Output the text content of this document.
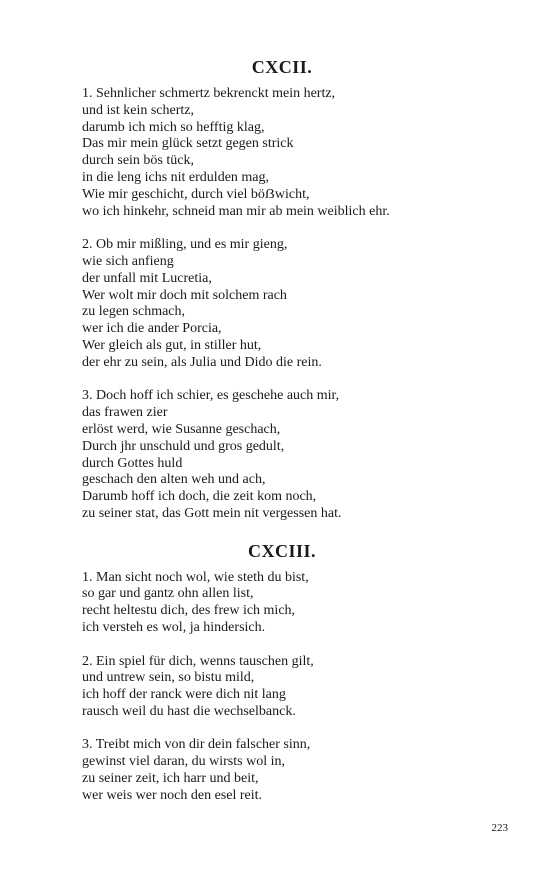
CXCII.
1. Sehnlicher schmertz bekrenckt mein hertz,
und ist kein schertz,
darumb ich mich so hefftig klag,
Das mir mein glück setzt gegen strick
durch sein bös tück,
in die leng ichs nit erdulden mag,
Wie mir geschicht, durch viel böẞwicht,
wo ich hinkehr, schneid man mir ab mein weiblich ehr.
2. Ob mir mißling, und es mir gieng,
wie sich anfieng
der unfall mit Lucretia,
Wer wolt mir doch mit solchem rach
zu legen schmach,
wer ich die ander Porcia,
Wer gleich als gut, in stiller hut,
der ehr zu sein, als Julia und Dido die rein.
3. Doch hoff ich schier, es geschehe auch mir,
das frawen zier
erlöst werd, wie Susanne geschach,
Durch jhr unschuld und gros gedult,
durch Gottes huld
geschach den alten weh und ach,
Darumb hoff ich doch, die zeit kom noch,
zu seiner stat, das Gott mein nit vergessen hat.
CXCIII.
1. Man sicht noch wol, wie steth du bist,
so gar und gantz ohn allen list,
recht heltestu dich, des frew ich mich,
ich versteh es wol, ja hindersich.
2. Ein spiel für dich, wenns tauschen gilt,
und untrew sein, so bistu mild,
ich hoff der ranck were dich nit lang
rausch weil du hast die wechselbanck.
3. Treibt mich von dir dein falscher sinn,
gewinst viel daran, du wirsts wol in,
zu seiner zeit, ich harr und beit,
wer weis wer noch den esel reit.
223
